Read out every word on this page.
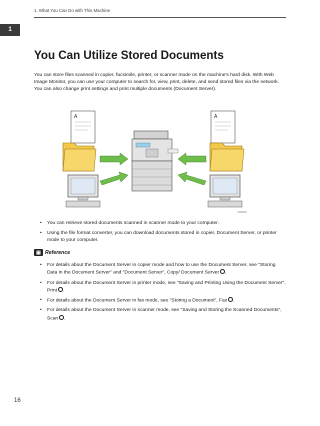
1. What You Can Do with This Machine
1
You Can Utilize Stored Documents

You can store files scanned in copier, facsimile, printer, or scanner mode on the machine's hard disk. With Web Image Monitor, you can use your computer to search for, view, print, delete, and send stored files via the network. You can also change print settings and print multiple documents (Document Server).

A	A
CHZ010
• You can retrieve stored documents scanned in scanner mode to your computer.
• Using the file format converter, you can download documents stored in copier, Document Server, or printer mode to your computer.
▣ Reference
• For details about the Document Server in copier mode and how to use the Document Server, see "Storing Data in the Document Server" and "Document Server", Copy/ Document Server .
• For details about the Document Server in printer mode, see "Saving and Printing Using the Document Server", Print .
• For details about the Document Server in fax mode, see "Storing a Document", Fax .
• For details about the Document Server in scanner mode, see "Saving and Storing the Scanned Documents", Scan .
16
